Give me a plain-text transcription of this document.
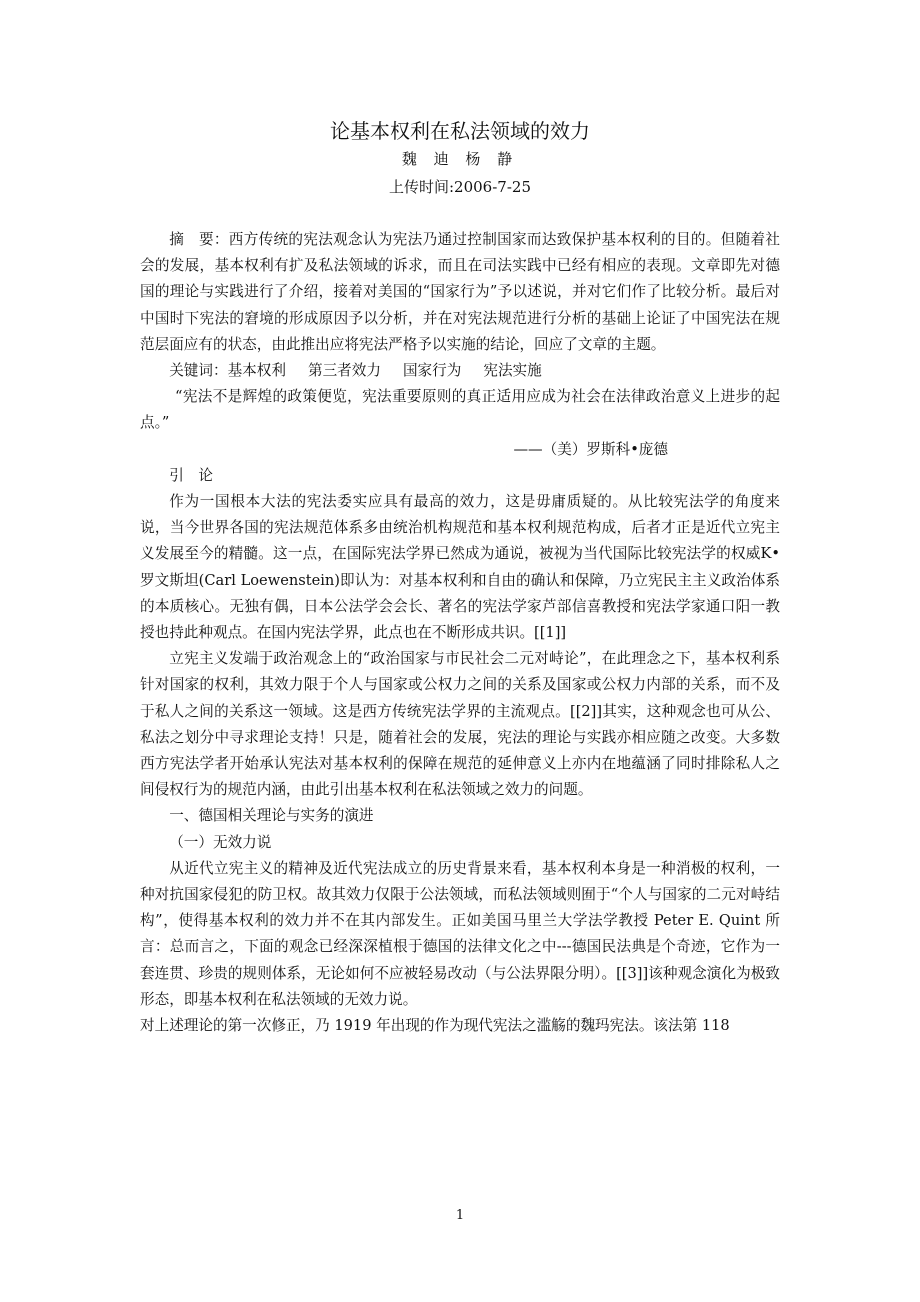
论基本权利在私法领域的效力
魏 迪 杨 静
上传时间:2006-7-25

摘　要：西方传统的宪法观念认为宪法乃通过控制国家而达致保护基本权利的目的。但随着社会的发展，基本权利有扩及私法领域的诉求，而且在司法实践中已经有相应的表现。文章即先对德国的理论与实践进行了介绍，接着对美国的“国家行为”予以述说，并对它们作了比较分析。最后对中国时下宪法的窘境的形成原因予以分析，并在对宪法规范进行分析的基础上论证了中国宪法在规范层面应有的状态，由此推出应将宪法严格予以实施的结论，回应了文章的主题。

关键词：基本权利 第三者效力 国家行为 宪法实施

“宪法不是辉煌的政策便览，宪法重要原则的真正适用应成为社会在法律政治意义上进步的起点。”

——（美）罗斯科•庞德

引　论

作为一国根本大法的宪法委实应具有最高的效力，这是毋庸质疑的。从比较宪法学的角度来说，当今世界各国的宪法规范体系多由统治机构规范和基本权利规范构成，后者才正是近代立宪主义发展至今的精髓。这一点，在国际宪法学界已然成为通说，被视为当代国际比较宪法学的权威K•罗文斯坦(Carl Loewenstein)即认为：对基本权利和自由的确认和保障，乃立宪民主主义政治体系的本质核心。无独有偶，日本公法学会会长、著名的宪法学家芦部信喜教授和宪法学家通口阳一教授也持此种观点。在国内宪法学界，此点也在不断形成共识。[[1]]

立宪主义发端于政治观念上的“政治国家与市民社会二元对峙论”，在此理念之下，基本权利系针对国家的权利，其效力限于个人与国家或公权力之间的关系及国家或公权力内部的关系，而不及于私人之间的关系这一领域。这是西方传统宪法学界的主流观点。[[2]]其实，这种观念也可从公、私法之划分中寻求理论支持！只是，随着社会的发展，宪法的理论与实践亦相应随之改变。大多数西方宪法学者开始承认宪法对基本权利的保障在规范的延伸意义上亦内在地蕴涵了同时排除私人之间侵权行为的规范内涵，由此引出基本权利在私法领域之效力的问题。

一、德国相关理论与实务的演进

（一）无效力说

从近代立宪主义的精神及近代宪法成立的历史背景来看，基本权利本身是一种消极的权利，一种对抗国家侵犯的防卫权。故其效力仅限于公法领域，而私法领域则囿于“个人与国家的二元对峙结构”，使得基本权利的效力并不在其内部发生。正如美国马里兰大学法学教授 Peter E. Quint 所言：总而言之，下面的观念已经深深植根于德国的法律文化之中---德国民法典是个奇迹，它作为一套连贯、珍贵的规则体系，无论如何不应被轻易改动（与公法界限分明）。[[3]]该种观念演化为极致形态，即基本权利在私法领域的无效力说。

对上述理论的第一次修正，乃 1919 年出现的作为现代宪法之滥觞的魏玛宪法。该法第 118

1
